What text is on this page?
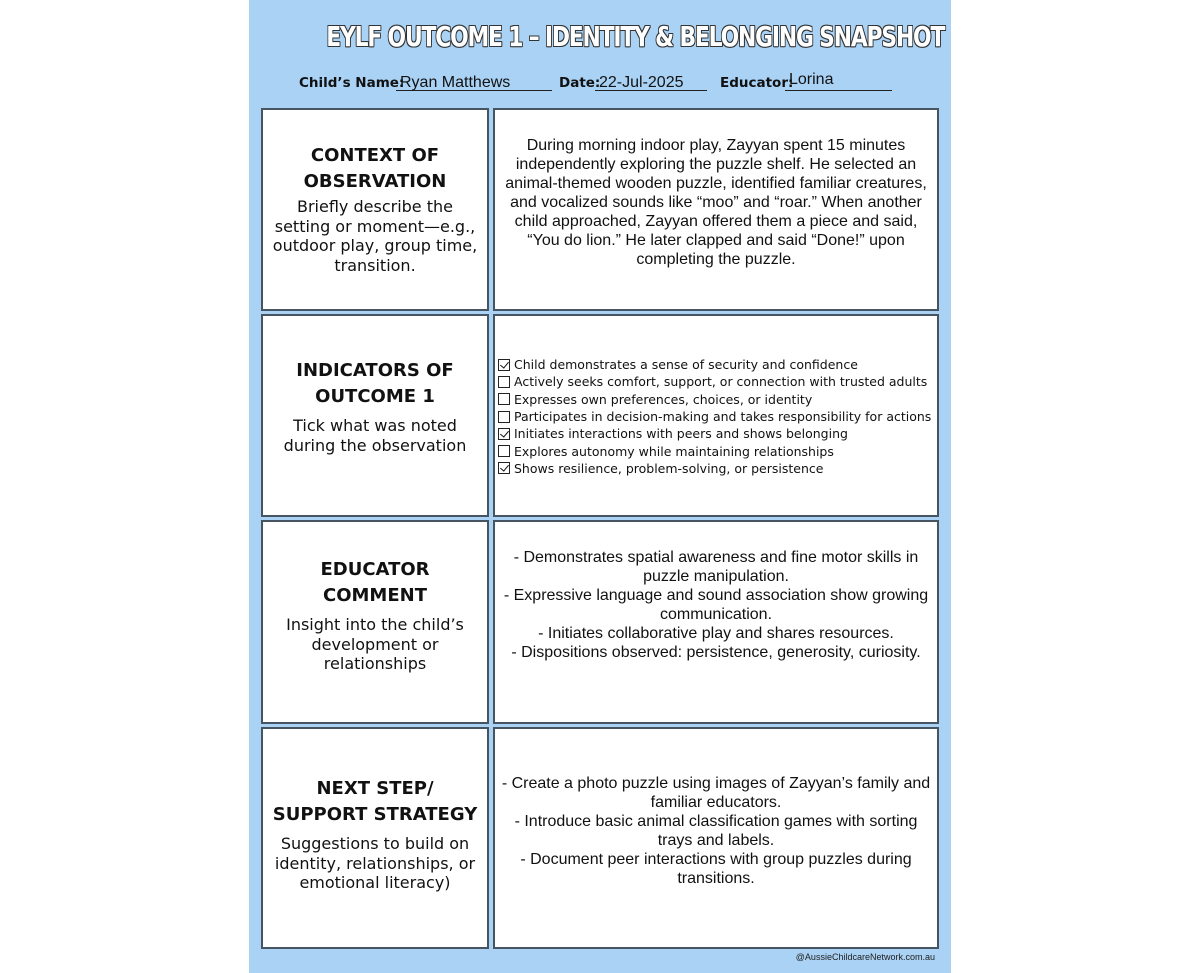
EYLF OUTCOME 1 – IDENTITY & BELONGING SNAPSHOT
Child’s Name:
Ryan Matthews	Date:
22-Jul-2025	Educator:
Lorina
CONTEXT OF OBSERVATION
Briefly describe the setting or moment—e.g., outdoor play, group time, transition.
During morning indoor play, Zayyan spent 15 minutes independently exploring the puzzle shelf. He selected an animal-themed wooden puzzle, identified familiar creatures, and vocalized sounds like “moo” and “roar.” When another child approached, Zayyan offered them a piece and said, “You do lion.” He later clapped and said “Done!” upon completing the puzzle.
INDICATORS OF OUTCOME 1
Tick what was noted during the observation
Child demonstrates a sense of security and confidence
Actively seeks comfort, support, or connection with trusted adults
Expresses own preferences, choices, or identity
Participates in decision-making and takes responsibility for actions
Initiates interactions with peers and shows belonging
Explores autonomy while maintaining relationships
Shows resilience, problem-solving, or persistence
EDUCATOR COMMENT
Insight into the child’s development or relationships
- Demonstrates spatial awareness and fine motor skills in puzzle manipulation.
- Expressive language and sound association show growing communication.
- Initiates collaborative play and shares resources.
- Dispositions observed: persistence, generosity, curiosity.
NEXT STEP/ SUPPORT STRATEGY
Suggestions to build on identity, relationships, or emotional literacy)
- Create a photo puzzle using images of Zayyan’s family and familiar educators.
- Introduce basic animal classification games with sorting trays and labels.
- Document peer interactions with group puzzles during transitions.
@AussieChildcareNetwork.com.au
